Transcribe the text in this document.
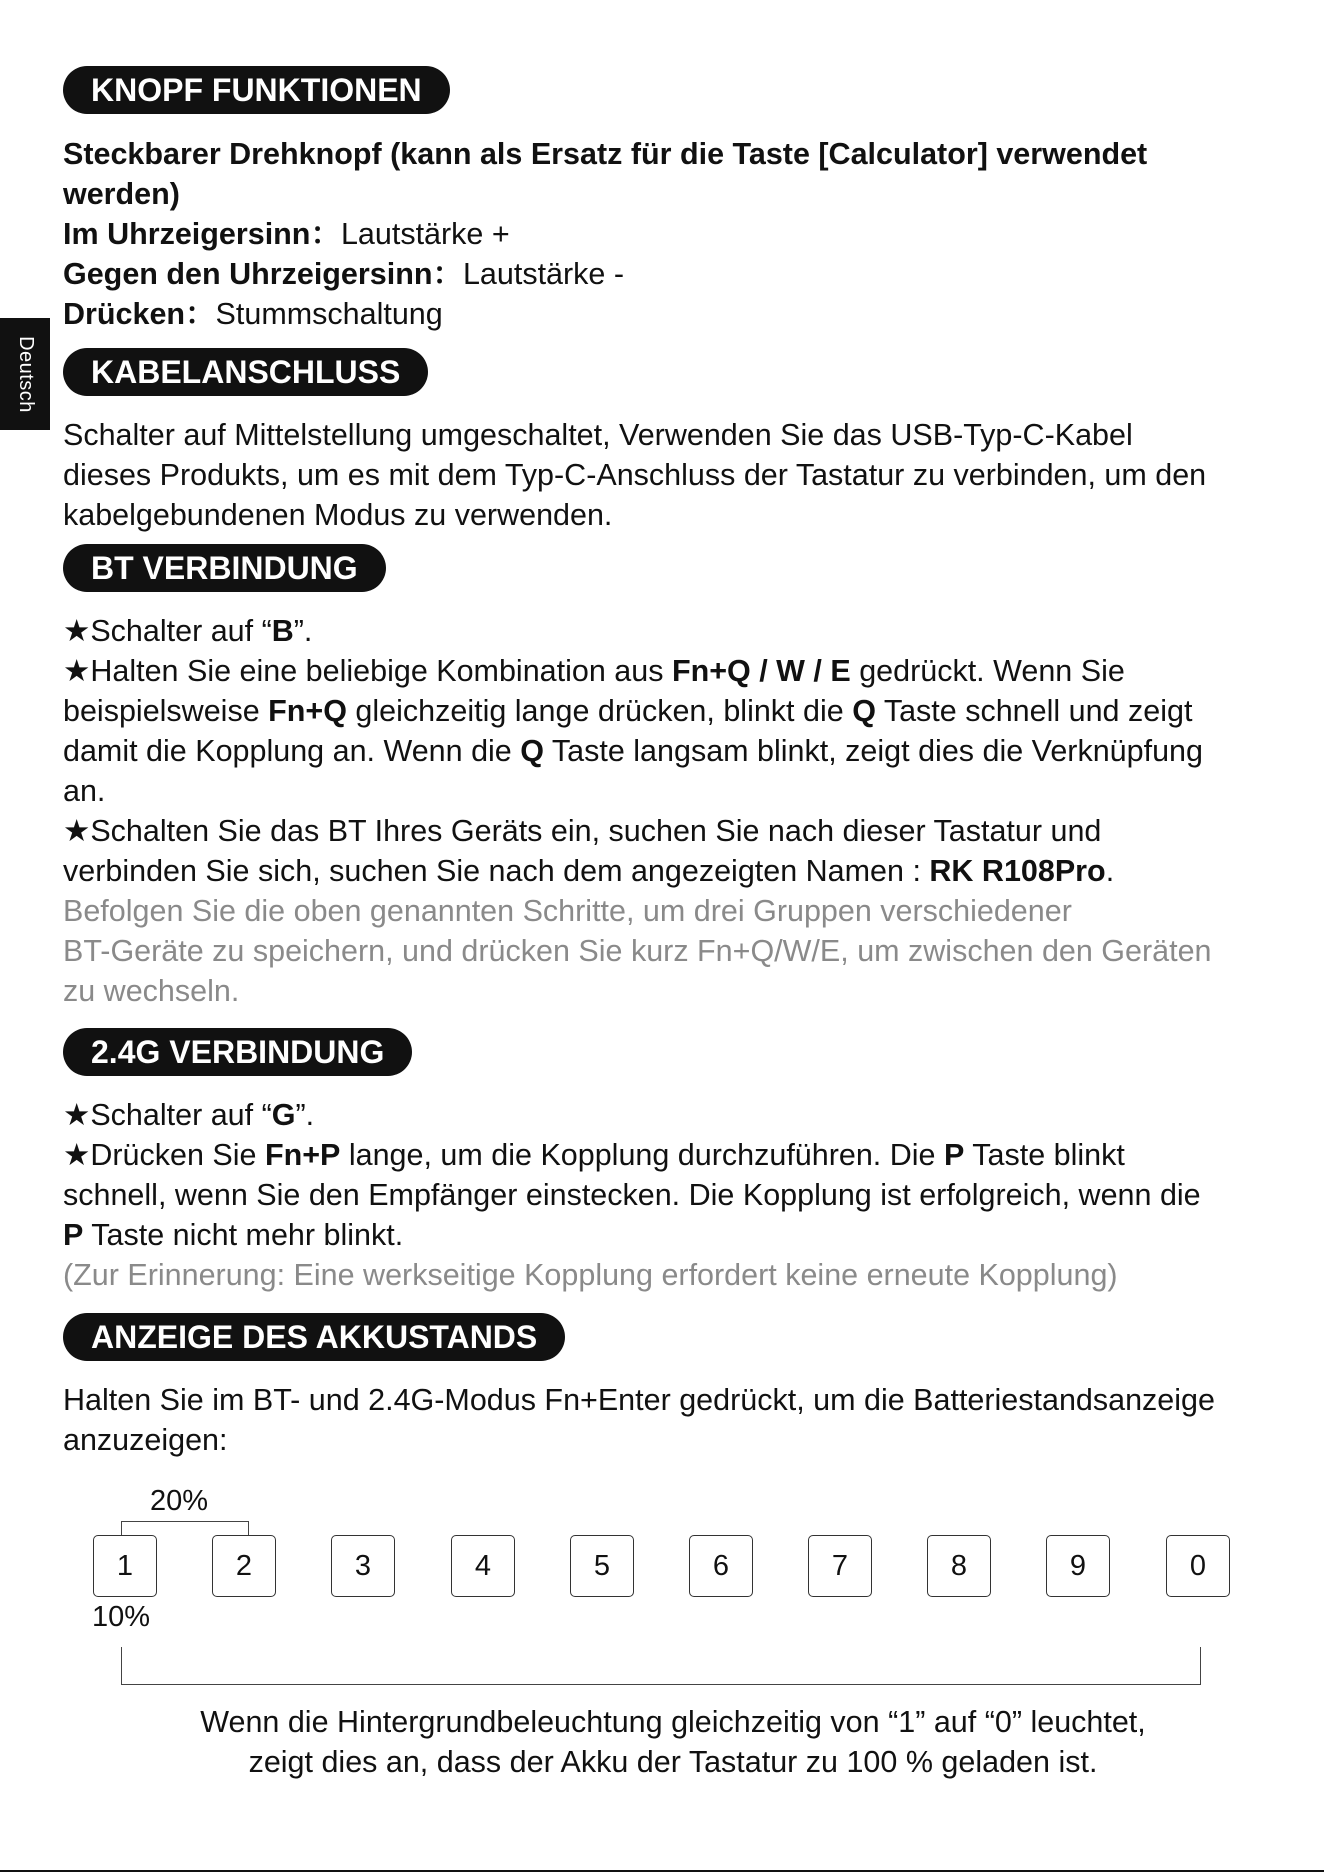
Deutsch
KNOPF FUNKTIONEN
Steckbarer Drehknopf (kann als Ersatz für die Taste [Calculator] verwendet
werden)
Im Uhrzeigersinn：Lautstärke +
Gegen den Uhrzeigersinn：Lautstärke -
Drücken：Stummschaltung
KABELANSCHLUSS
Schalter auf Mittelstellung umgeschaltet, Verwenden Sie das USB-Typ-C-Kabel
dieses Produkts, um es mit dem Typ-C-Anschluss der Tastatur zu verbinden, um den
kabelgebundenen Modus zu verwenden.
BT VERBINDUNG
★Schalter auf “B”.
★Halten Sie eine beliebige Kombination aus Fn+Q / W / E gedrückt. Wenn Sie
beispielsweise Fn+Q gleichzeitig lange drücken, blinkt die Q Taste schnell und zeigt
damit die Kopplung an. Wenn die Q Taste langsam blinkt, zeigt dies die Verknüpfung
an.
★Schalten Sie das BT Ihres Geräts ein, suchen Sie nach dieser Tastatur und
verbinden Sie sich, suchen Sie nach dem angezeigten Namen : RK R108Pro.
Befolgen Sie die oben genannten Schritte, um drei Gruppen verschiedener
BT-Geräte zu speichern, und drücken Sie kurz Fn+Q/W/E, um zwischen den Geräten
zu wechseln.
2.4G VERBINDUNG
★Schalter auf “G”.
★Drücken Sie Fn+P lange, um die Kopplung durchzuführen. Die P Taste blinkt
schnell, wenn Sie den Empfänger einstecken. Die Kopplung ist erfolgreich, wenn die
P Taste nicht mehr blinkt.
(Zur Erinnerung: Eine werkseitige Kopplung erfordert keine erneute Kopplung)
ANZEIGE DES AKKUSTANDS
Halten Sie im BT- und 2.4G-Modus Fn+Enter gedrückt, um die Batteriestandsanzeige
anzuzeigen:
20%
1	2	3	4	5	6	7	8	9	0
10%
Wenn die Hintergrundbeleuchtung gleichzeitig von “1” auf “0” leuchtet,
zeigt dies an, dass der Akku der Tastatur zu 100 % geladen ist.
